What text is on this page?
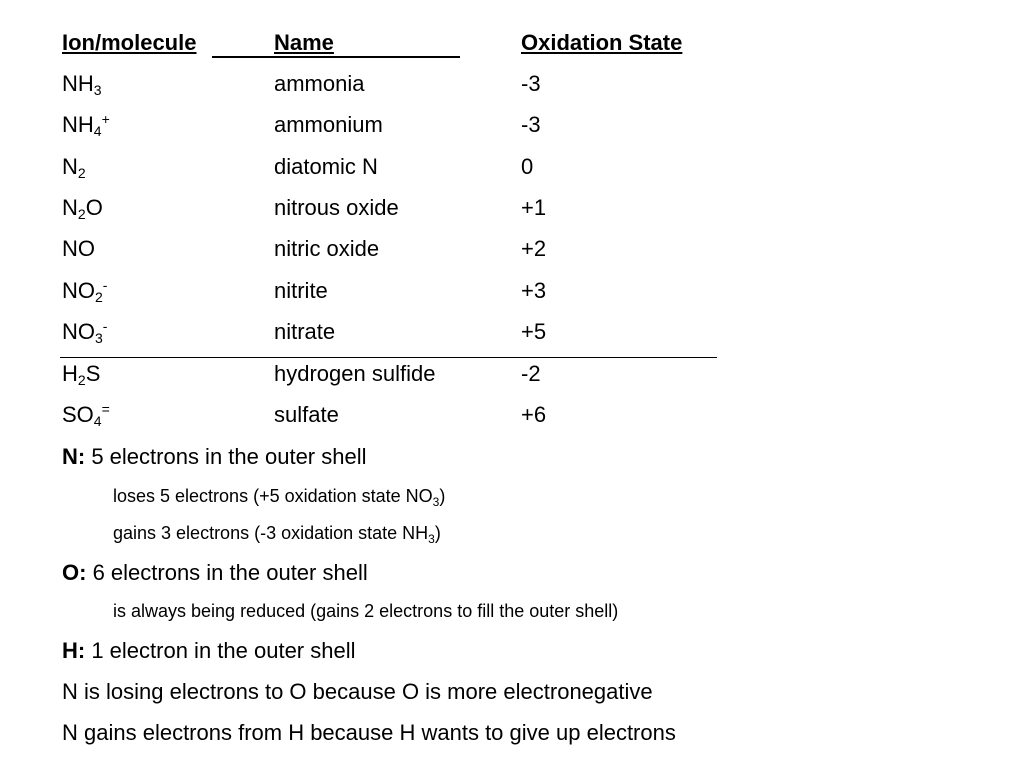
Ion/molecule	Name	Oxidation State
$NH_3$	ammonia	-3
$NH_4^+$	ammonium	-3
$N_2$	diatomic N	0
$N_2O$	nitrous oxide	+1
NO	nitric oxide	+2
$NO_2^-$	nitrite	+3
$NO_3^-$	nitrate	+5
$H_2S$	hydrogen sulfide	-2
$SO_4^=$	sulfate	+6
N: 5 electrons in the outer shell
loses 5 electrons (+5 oxidation state $NO_3$)
gains 3 electrons (-3 oxidation state $NH_3$)
O: 6 electrons in the outer shell
is always being reduced (gains 2 electrons to fill the outer shell)
H: 1 electron in the outer shell
N is losing electrons to O because O is more electronegative
N gains electrons from H because H wants to give up electrons
